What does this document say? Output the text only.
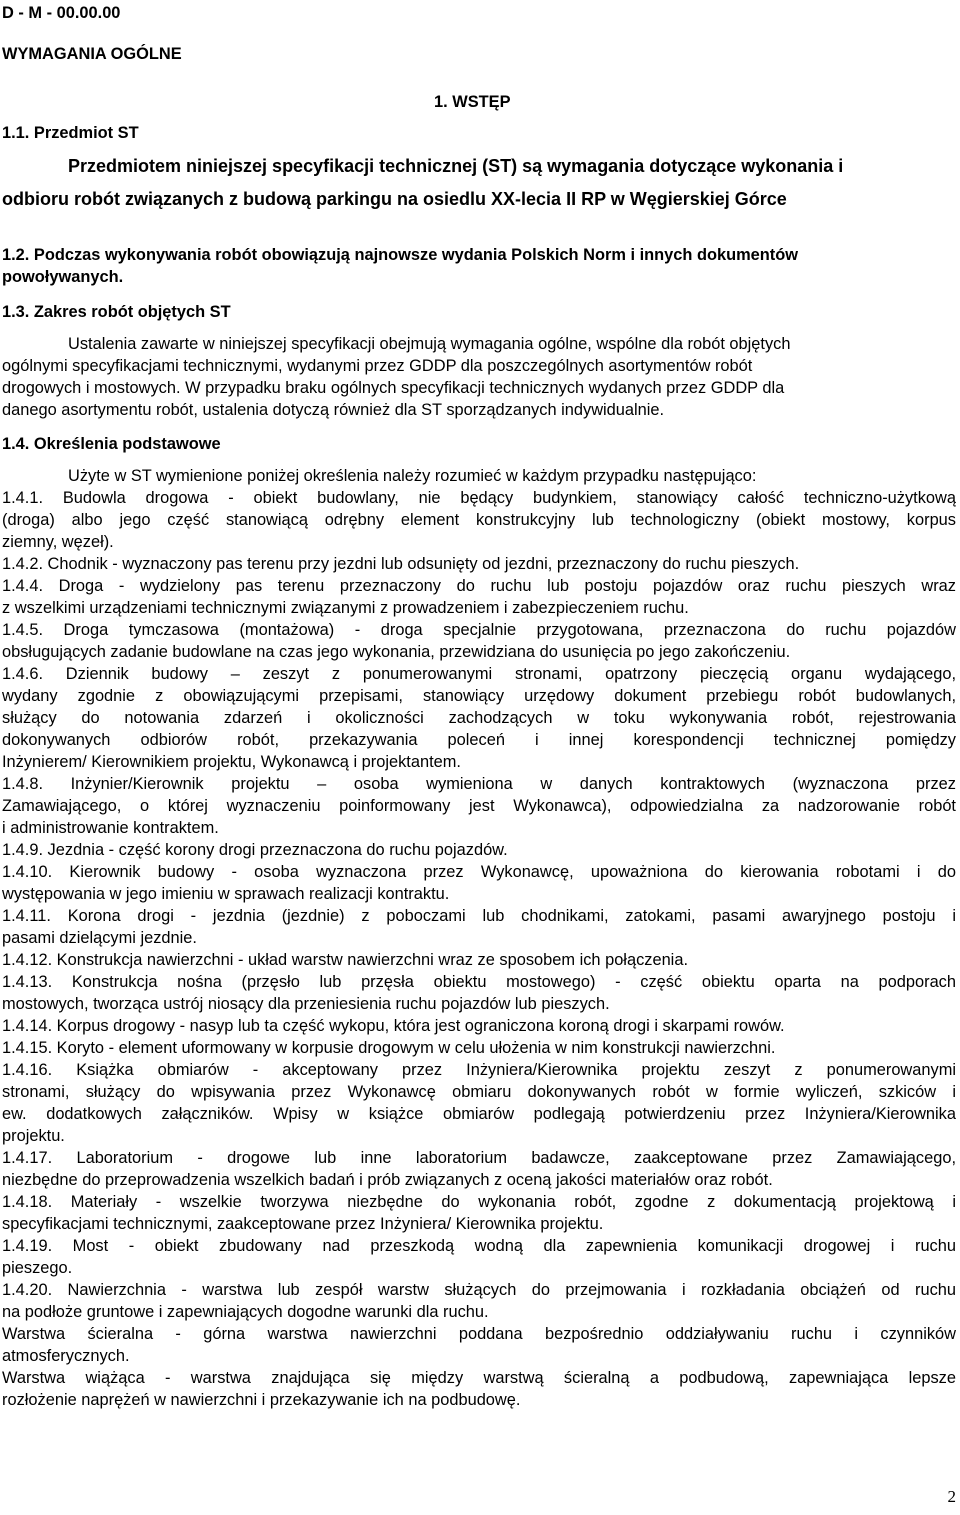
D - M - 00.00.00
WYMAGANIA OGÓLNE
1. WSTĘP
1.1. Przedmiot ST
Przedmiotem niniejszej specyfikacji technicznej (ST) są wymagania dotyczące wykonania i
odbioru robót związanych z budową parkingu na osiedlu XX-lecia II RP w Węgierskiej Górce
1.2. Podczas wykonywania robót obowiązują najnowsze wydania Polskich Norm i innych dokumentów
powoływanych.
1.3. Zakres robót objętych ST
Ustalenia zawarte w niniejszej specyfikacji obejmują wymagania ogólne, wspólne dla robót objętych
ogólnymi specyfikacjami technicznymi, wydanymi przez GDDP dla poszczególnych asortymentów robót
drogowych i mostowych. W przypadku braku ogólnych specyfikacji technicznych wydanych przez GDDP dla
danego asortymentu robót, ustalenia dotyczą również dla ST sporządzanych indywidualnie.
1.4. Określenia podstawowe
Użyte w ST wymienione poniżej określenia należy rozumieć w każdym przypadku następująco:
1.4.1. Budowla drogowa - obiekt budowlany, nie będący budynkiem, stanowiący całość techniczno-użytkową
(droga) albo jego część stanowiącą odrębny element konstrukcyjny lub technologiczny (obiekt mostowy, korpus
ziemny, węzeł).
1.4.2. Chodnik - wyznaczony pas terenu przy jezdni lub odsunięty od jezdni, przeznaczony do ruchu pieszych.
1.4.4. Droga - wydzielony pas terenu przeznaczony do ruchu lub postoju pojazdów oraz ruchu pieszych wraz
z wszelkimi urządzeniami technicznymi związanymi z prowadzeniem i zabezpieczeniem ruchu.
1.4.5. Droga tymczasowa (montażowa) - droga specjalnie przygotowana, przeznaczona do ruchu pojazdów
obsługujących zadanie budowlane na czas jego wykonania, przewidziana do usunięcia po jego zakończeniu.
1.4.6. Dziennik budowy – zeszyt z ponumerowanymi stronami, opatrzony pieczęcią organu wydającego,
wydany zgodnie z obowiązującymi przepisami, stanowiący urzędowy dokument przebiegu robót budowlanych,
służący do notowania zdarzeń i okoliczności zachodzących w toku wykonywania robót, rejestrowania
dokonywanych odbiorów robót, przekazywania poleceń i innej korespondencji technicznej pomiędzy
Inżynierem/ Kierownikiem projektu, Wykonawcą i projektantem.
1.4.8. Inżynier/Kierownik projektu – osoba wymieniona w danych kontraktowych (wyznaczona przez
Zamawiającego, o której wyznaczeniu poinformowany jest Wykonawca), odpowiedzialna za nadzorowanie robót
i administrowanie kontraktem.
1.4.9. Jezdnia - część korony drogi przeznaczona do ruchu pojazdów.
1.4.10. Kierownik budowy - osoba wyznaczona przez Wykonawcę, upoważniona do kierowania robotami i do
występowania w jego imieniu w sprawach realizacji kontraktu.
1.4.11. Korona drogi - jezdnia (jezdnie) z poboczami lub chodnikami, zatokami, pasami awaryjnego postoju i
pasami dzielącymi jezdnie.
1.4.12. Konstrukcja nawierzchni - układ warstw nawierzchni wraz ze sposobem ich połączenia.
1.4.13. Konstrukcja nośna (przęsło lub przęsła obiektu mostowego) - część obiektu oparta na podporach
mostowych, tworząca ustrój niosący dla przeniesienia ruchu pojazdów lub pieszych.
1.4.14. Korpus drogowy - nasyp lub ta część wykopu, która jest ograniczona koroną drogi i skarpami rowów.
1.4.15. Koryto - element uformowany w korpusie drogowym w celu ułożenia w nim konstrukcji nawierzchni.
1.4.16. Książka obmiarów - akceptowany przez Inżyniera/Kierownika projektu zeszyt z ponumerowanymi
stronami, służący do wpisywania przez Wykonawcę obmiaru dokonywanych robót w formie wyliczeń, szkiców i
ew. dodatkowych załączników. Wpisy w książce obmiarów podlegają potwierdzeniu przez Inżyniera/Kierownika
projektu.
1.4.17. Laboratorium - drogowe lub inne laboratorium badawcze, zaakceptowane przez Zamawiającego,
niezbędne do przeprowadzenia wszelkich badań i prób związanych z oceną jakości materiałów oraz robót.
1.4.18. Materiały - wszelkie tworzywa niezbędne do wykonania robót, zgodne z dokumentacją projektową i
specyfikacjami technicznymi, zaakceptowane przez Inżyniera/ Kierownika projektu.
1.4.19. Most - obiekt zbudowany nad przeszkodą wodną dla zapewnienia komunikacji drogowej i ruchu
pieszego.
1.4.20. Nawierzchnia - warstwa lub zespół warstw służących do przejmowania i rozkładania obciążeń od ruchu
na podłoże gruntowe i zapewniających dogodne warunki dla ruchu.
Warstwa ścieralna - górna warstwa nawierzchni poddana bezpośrednio oddziaływaniu ruchu i czynników
atmosferycznych.
Warstwa wiążąca - warstwa znajdująca się między warstwą ścieralną a podbudową, zapewniająca lepsze
rozłożenie naprężeń w nawierzchni i przekazywanie ich na podbudowę.
2
